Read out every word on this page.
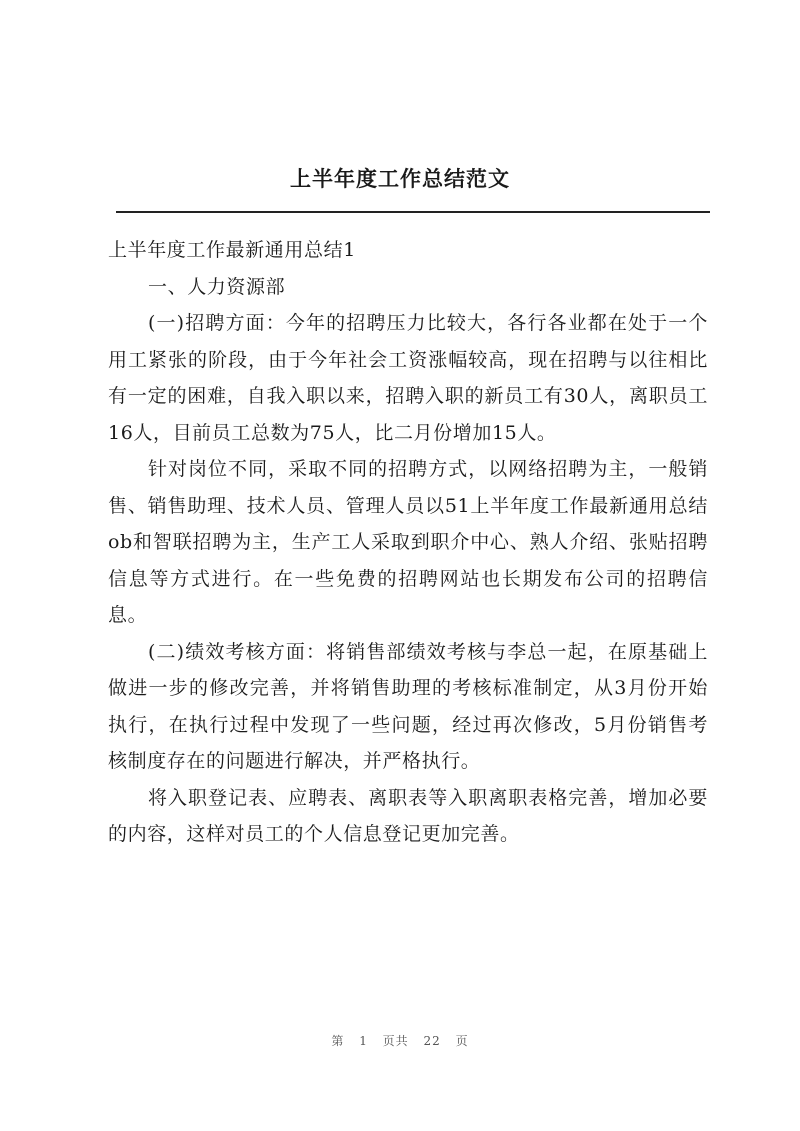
上半年度工作总结范文

上半年度工作最新通用总结1

一、人力资源部

(一)招聘方面：今年的招聘压力比较大，各行各业都在处于一个用工紧张的阶段，由于今年社会工资涨幅较高，现在招聘与以往相比有一定的困难，自我入职以来，招聘入职的新员工有30人，离职员工16人，目前员工总数为75人，比二月份增加15人。

针对岗位不同，采取不同的招聘方式，以网络招聘为主，一般销售、销售助理、技术人员、管理人员以51上半年度工作最新通用总结ob和智联招聘为主，生产工人采取到职介中心、熟人介绍、张贴招聘信息等方式进行。在一些免费的招聘网站也长期发布公司的招聘信息。

(二)绩效考核方面：将销售部绩效考核与李总一起，在原基础上做进一步的修改完善，并将销售助理的考核标准制定，从3月份开始执行，在执行过程中发现了一些问题，经过再次修改，5月份销售考核制度存在的问题进行解决，并严格执行。

将入职登记表、应聘表、离职表等入职离职表格完善，增加必要的内容，这样对员工的个人信息登记更加完善。

第 1 页共 22 页
